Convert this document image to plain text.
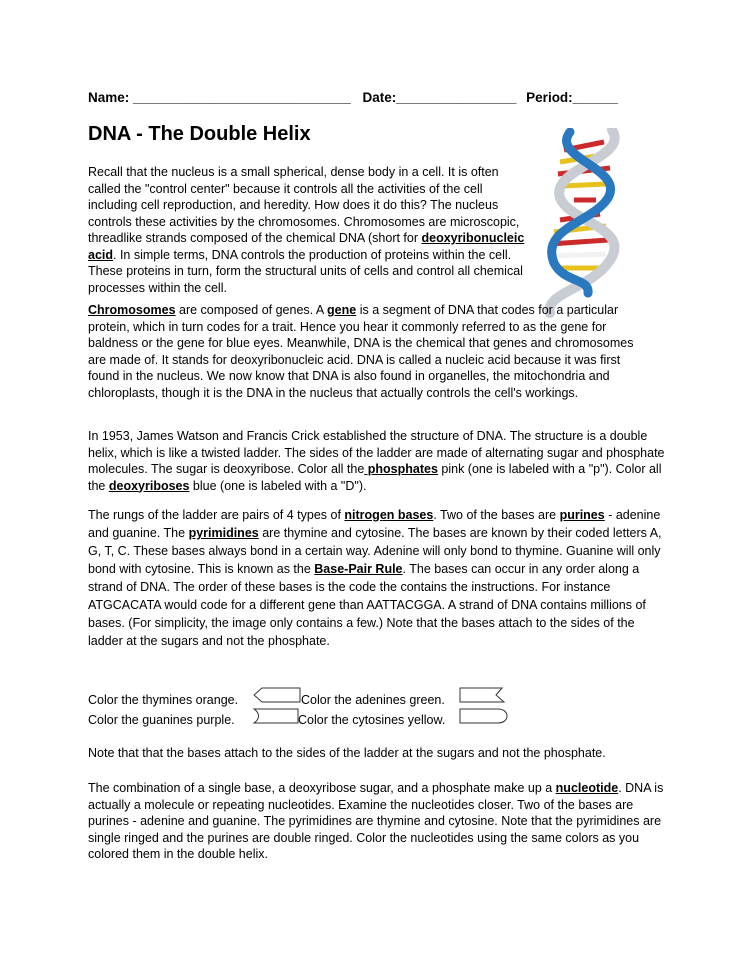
Name: _____________________________ Date:________________ Period:______
DNA - The Double Helix
Recall that the nucleus is a small spherical, dense body in a cell. It is often called the "control center" because it controls all the activities of the cell including cell reproduction, and heredity. How does it do this? The nucleus controls these activities by the chromosomes. Chromosomes are microscopic, threadlike strands composed of the chemical DNA (short for deoxyribonucleic acid. In simple terms, DNA controls the production of proteins within the cell. These proteins in turn, form the structural units of cells and control all chemical processes within the cell.
Chromosomes are composed of genes. A gene is a segment of DNA that codes for a particular protein, which in turn codes for a trait. Hence you hear it commonly referred to as the gene for baldness or the gene for blue eyes. Meanwhile, DNA is the chemical that genes and chromosomes are made of. It stands for deoxyribonucleic acid. DNA is called a nucleic acid because it was first found in the nucleus. We now know that DNA is also found in organelles, the mitochondria and chloroplasts, though it is the DNA in the nucleus that actually controls the cell's workings.
In 1953, James Watson and Francis Crick established the structure of DNA. The structure is a double helix, which is like a twisted ladder. The sides of the ladder are made of alternating sugar and phosphate molecules. The sugar is deoxyribose. Color all the phosphates pink (one is labeled with a "p"). Color all the deoxyriboses blue (one is labeled with a "D").
The rungs of the ladder are pairs of 4 types of nitrogen bases. Two of the bases are purines - adenine and guanine. The pyrimidines are thymine and cytosine. The bases are known by their coded letters A, G, T, C. These bases always bond in a certain way. Adenine will only bond to thymine. Guanine will only bond with cytosine. This is known as the Base-Pair Rule. The bases can occur in any order along a strand of DNA. The order of these bases is the code the contains the instructions. For instance ATGCACATA would code for a different gene than AATTACGGA. A strand of DNA contains millions of bases. (For simplicity, the image only contains a few.) Note that the bases attach to the sides of the ladder at the sugars and not the phosphate.
Color the thymines orange.	Color the adenines green.
Color the guanines purple.	Color the cytosines yellow.
Note that that the bases attach to the sides of the ladder at the sugars and not the phosphate.
The combination of a single base, a deoxyribose sugar, and a phosphate make up a nucleotide. DNA is actually a molecule or repeating nucleotides. Examine the nucleotides closer. Two of the bases are purines - adenine and guanine. The pyrimidines are thymine and cytosine. Note that the pyrimidines are single ringed and the purines are double ringed. Color the nucleotides using the same colors as you colored them in the double helix.
